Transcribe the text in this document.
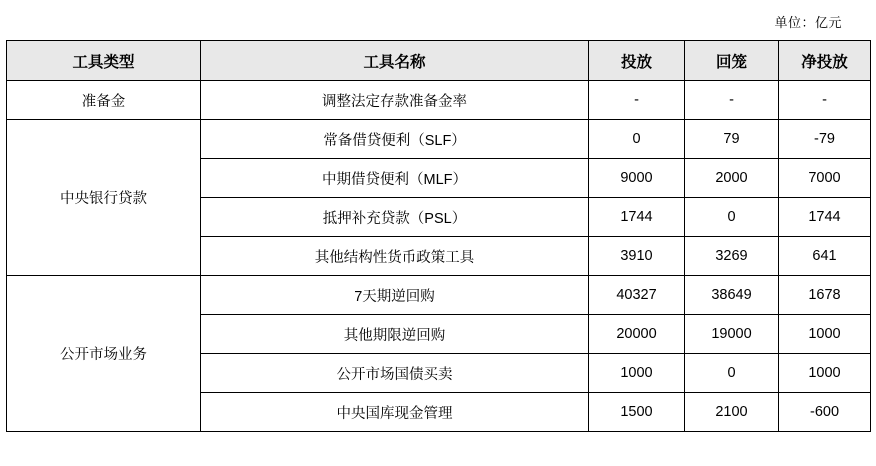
单位：亿元
工具类型	工具名称	投放	回笼	净投放
准备金	调整法定存款准备金率	-	-	-
中央银行贷款	常备借贷便利（SLF）	0	79	-79
	中期借贷便利（MLF）	9000	2000	7000
	抵押补充贷款（PSL）	1744	0	1744
	其他结构性货币政策工具	3910	3269	641
公开市场业务	7天期逆回购	40327	38649	1678
	其他期限逆回购	20000	19000	1000
	公开市场国债买卖	1000	0	1000
	中央国库现金管理	1500	2100	-600
